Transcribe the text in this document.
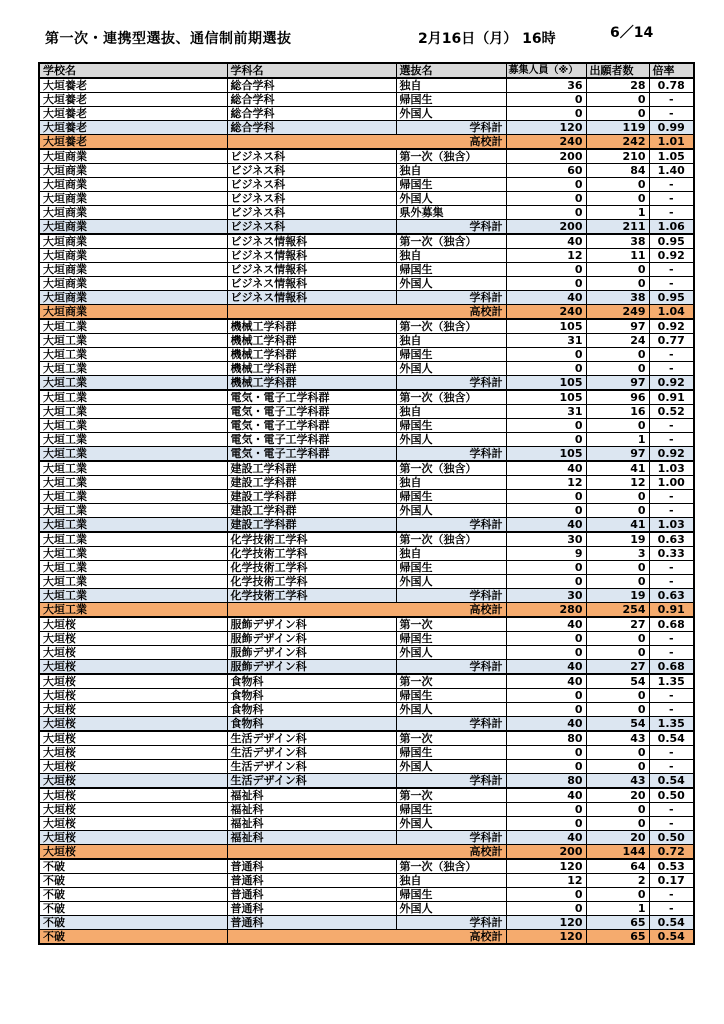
第一次・連携型選抜、通信制前期選抜	2月16日（月） 16時	6／14
学校名	学科名	選抜名	募集人員（※）	出願者数	倍率
大垣養老	総合学科	独自	36	28	0.78
大垣養老	総合学科	帰国生	0	0	-
大垣養老	総合学科	外国人	0	0	-
大垣養老	総合学科	学科計	120	119	0.99
大垣養老	高校計		240	242	1.01
大垣商業	ビジネス科	第一次（独含）	200	210	1.05
大垣商業	ビジネス科	独自	60	84	1.40
大垣商業	ビジネス科	帰国生	0	0	-
大垣商業	ビジネス科	外国人	0	0	-
大垣商業	ビジネス科	県外募集	0	1	-
大垣商業	ビジネス科	学科計	200	211	1.06
大垣商業	ビジネス情報科	第一次（独含）	40	38	0.95
大垣商業	ビジネス情報科	独自	12	11	0.92
大垣商業	ビジネス情報科	帰国生	0	0	-
大垣商業	ビジネス情報科	外国人	0	0	-
大垣商業	ビジネス情報科	学科計	40	38	0.95
大垣商業	高校計		240	249	1.04
大垣工業	機械工学科群	第一次（独含）	105	97	0.92
大垣工業	機械工学科群	独自	31	24	0.77
大垣工業	機械工学科群	帰国生	0	0	-
大垣工業	機械工学科群	外国人	0	0	-
大垣工業	機械工学科群	学科計	105	97	0.92
大垣工業	電気・電子工学科群	第一次（独含）	105	96	0.91
大垣工業	電気・電子工学科群	独自	31	16	0.52
大垣工業	電気・電子工学科群	帰国生	0	0	-
大垣工業	電気・電子工学科群	外国人	0	1	-
大垣工業	電気・電子工学科群	学科計	105	97	0.92
大垣工業	建設工学科群	第一次（独含）	40	41	1.03
大垣工業	建設工学科群	独自	12	12	1.00
大垣工業	建設工学科群	帰国生	0	0	-
大垣工業	建設工学科群	外国人	0	0	-
大垣工業	建設工学科群	学科計	40	41	1.03
大垣工業	化学技術工学科	第一次（独含）	30	19	0.63
大垣工業	化学技術工学科	独自	9	3	0.33
大垣工業	化学技術工学科	帰国生	0	0	-
大垣工業	化学技術工学科	外国人	0	0	-
大垣工業	化学技術工学科	学科計	30	19	0.63
大垣工業	高校計		280	254	0.91
大垣桜	服飾デザイン科	第一次	40	27	0.68
大垣桜	服飾デザイン科	帰国生	0	0	-
大垣桜	服飾デザイン科	外国人	0	0	-
大垣桜	服飾デザイン科	学科計	40	27	0.68
大垣桜	食物科	第一次	40	54	1.35
大垣桜	食物科	帰国生	0	0	-
大垣桜	食物科	外国人	0	0	-
大垣桜	食物科	学科計	40	54	1.35
大垣桜	生活デザイン科	第一次	80	43	0.54
大垣桜	生活デザイン科	帰国生	0	0	-
大垣桜	生活デザイン科	外国人	0	0	-
大垣桜	生活デザイン科	学科計	80	43	0.54
大垣桜	福祉科	第一次	40	20	0.50
大垣桜	福祉科	帰国生	0	0	-
大垣桜	福祉科	外国人	0	0	-
大垣桜	福祉科	学科計	40	20	0.50
大垣桜	高校計		200	144	0.72
不破	普通科	第一次（独含）	120	64	0.53
不破	普通科	独自	12	2	0.17
不破	普通科	帰国生	0	0	-
不破	普通科	外国人	0	1	-
不破	普通科	学科計	120	65	0.54
不破	高校計		120	65	0.54
